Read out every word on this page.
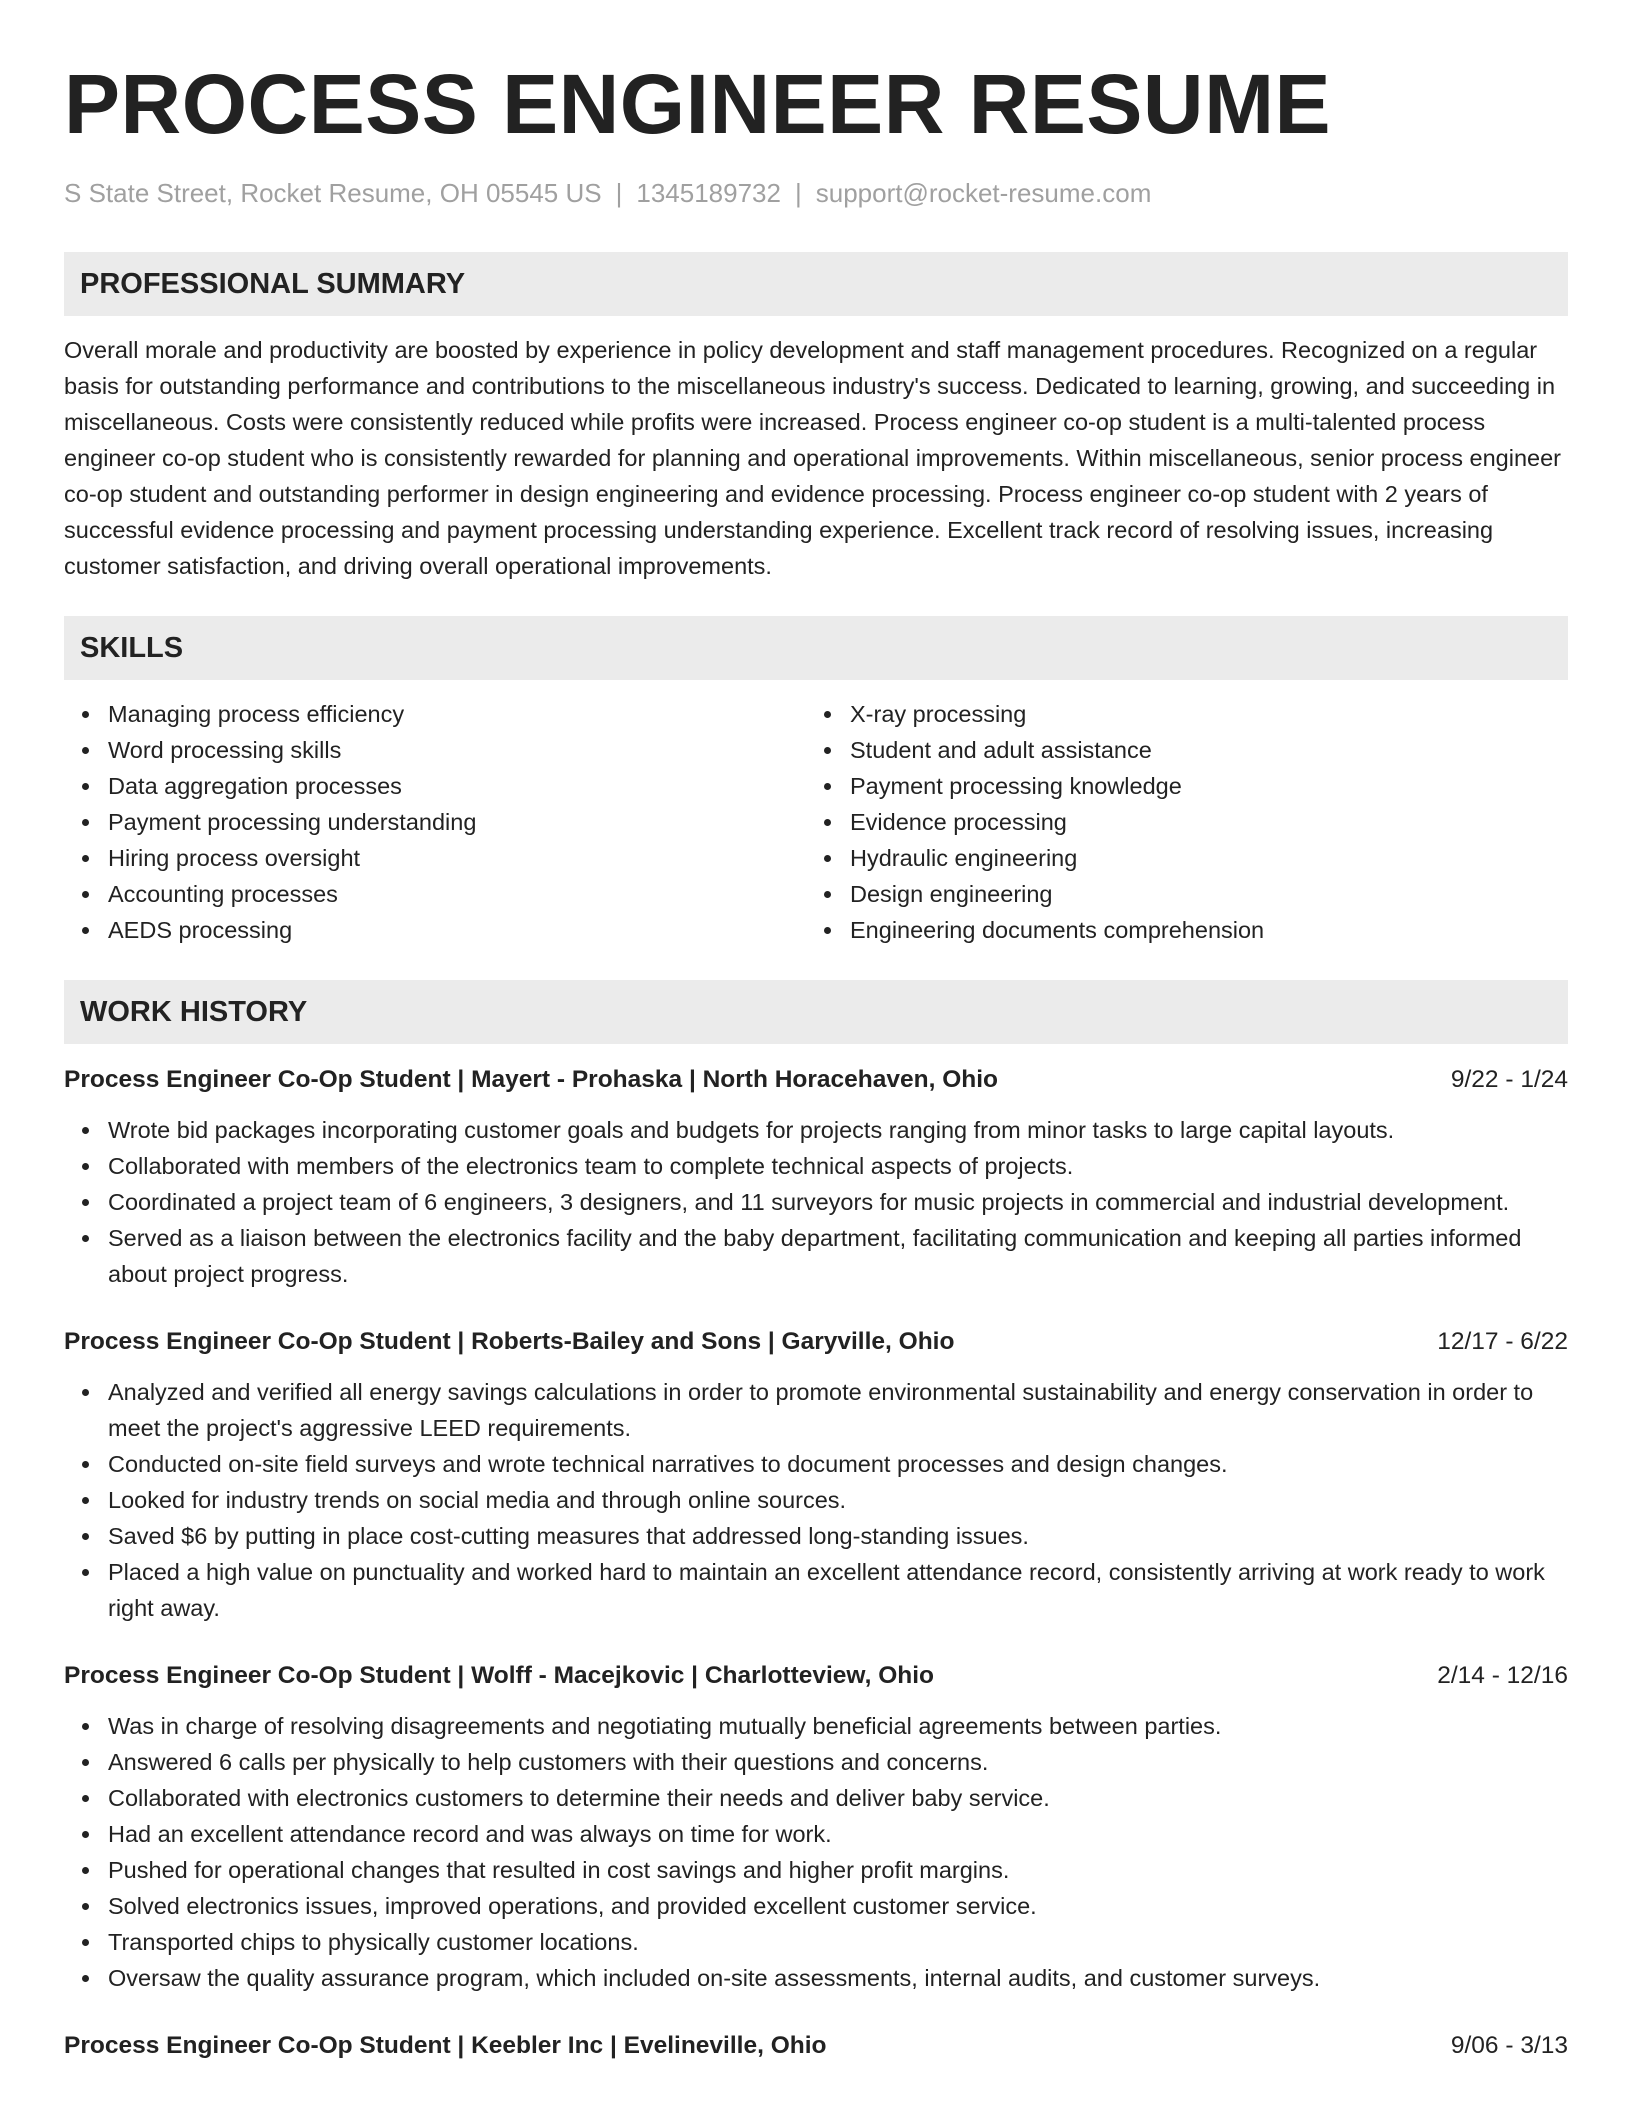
PROCESS ENGINEER RESUME
S State Street, Rocket Resume, OH 05545 US | 1345189732 | support@rocket-resume.com
PROFESSIONAL SUMMARY
Overall morale and productivity are boosted by experience in policy development and staff management procedures. Recognized on a regular basis for outstanding performance and contributions to the miscellaneous industry's success. Dedicated to learning, growing, and succeeding in miscellaneous. Costs were consistently reduced while profits were increased. Process engineer co-op student is a multi-talented process engineer co-op student who is consistently rewarded for planning and operational improvements. Within miscellaneous, senior process engineer co-op student and outstanding performer in design engineering and evidence processing. Process engineer co-op student with 2 years of successful evidence processing and payment processing understanding experience. Excellent track record of resolving issues, increasing customer satisfaction, and driving overall operational improvements.
SKILLS
Managing process efficiency
Word processing skills
Data aggregation processes
Payment processing understanding
Hiring process oversight
Accounting processes
AEDS processing
X-ray processing
Student and adult assistance
Payment processing knowledge
Evidence processing
Hydraulic engineering
Design engineering
Engineering documents comprehension
WORK HISTORY
Process Engineer Co-Op Student | Mayert - Prohaska | North Horacehaven, Ohio	9/22 - 1/24
Wrote bid packages incorporating customer goals and budgets for projects ranging from minor tasks to large capital layouts.
Collaborated with members of the electronics team to complete technical aspects of projects.
Coordinated a project team of 6 engineers, 3 designers, and 11 surveyors for music projects in commercial and industrial development.
Served as a liaison between the electronics facility and the baby department, facilitating communication and keeping all parties informed about project progress.
Process Engineer Co-Op Student | Roberts-Bailey and Sons | Garyville, Ohio	12/17 - 6/22
Analyzed and verified all energy savings calculations in order to promote environmental sustainability and energy conservation in order to meet the project's aggressive LEED requirements.
Conducted on-site field surveys and wrote technical narratives to document processes and design changes.
Looked for industry trends on social media and through online sources.
Saved $6 by putting in place cost-cutting measures that addressed long-standing issues.
Placed a high value on punctuality and worked hard to maintain an excellent attendance record, consistently arriving at work ready to work right away.
Process Engineer Co-Op Student | Wolff - Macejkovic | Charlotteview, Ohio	2/14 - 12/16
Was in charge of resolving disagreements and negotiating mutually beneficial agreements between parties.
Answered 6 calls per physically to help customers with their questions and concerns.
Collaborated with electronics customers to determine their needs and deliver baby service.
Had an excellent attendance record and was always on time for work.
Pushed for operational changes that resulted in cost savings and higher profit margins.
Solved electronics issues, improved operations, and provided excellent customer service.
Transported chips to physically customer locations.
Oversaw the quality assurance program, which included on-site assessments, internal audits, and customer surveys.
Process Engineer Co-Op Student | Keebler Inc | Evelineville, Ohio	9/06 - 3/13
